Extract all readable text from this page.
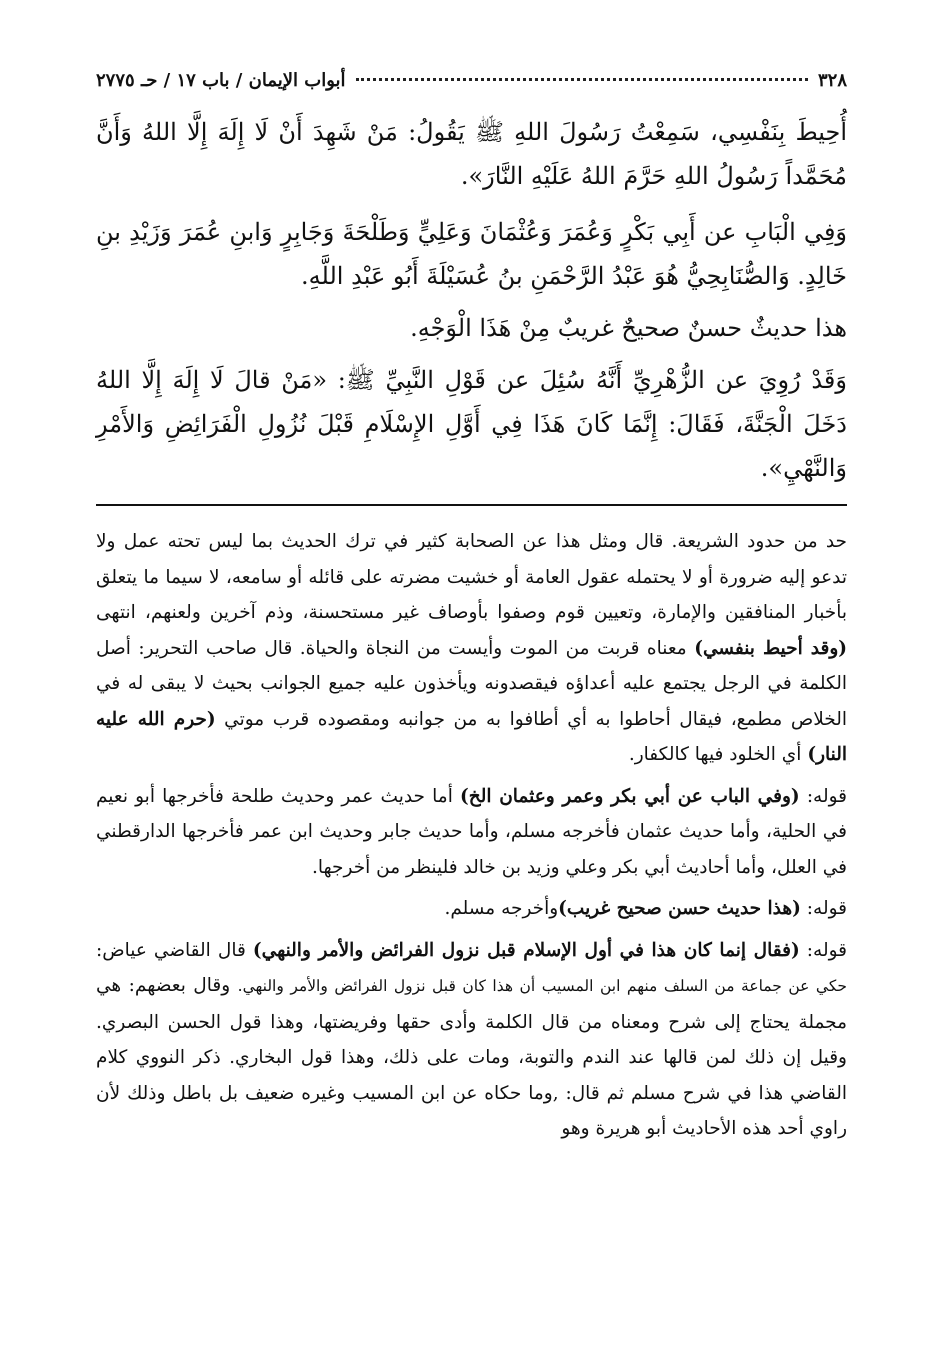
٣٢٨
أبواب الإيمان / باب ١٧ / حـ ٢٧٧٥

أُحِيطَ بِنَفْسِي، سَمِعْتُ رَسُولَ اللهِ ﷺ يَقُولُ: مَنْ شَهِدَ أَنْ لَا إِلَهَ إِلَّا اللهُ وَأَنَّ مُحَمَّداً رَسُولُ اللهِ حَرَّمَ اللهُ عَلَيْهِ النَّارَ».

وَفِي الْبَابِ عن أَبِي بَكْرٍ وَعُمَرَ وَعُثْمَانَ وَعَلِيٍّ وَطَلْحَةَ وَجَابِرٍ وَابنِ عُمَرَ وَزَيْدِ بنِ خَالِدٍ. وَالصُّنَابِحِيُّ هُوَ عَبْدُ الرَّحْمَنِ بنُ عُسَيْلَةَ أَبُو عَبْدِ اللَّهِ.

هذا حديثٌ حسنٌ صحيحٌ غريبٌ مِنْ هَذَا الْوَجْهِ.

وَقَدْ رُوِيَ عن الزُّهْرِيِّ أَنَّهُ سُئِلَ عن قَوْلِ النَّبِيِّ ﷺ: «مَنْ قالَ لَا إِلَهَ إِلَّا اللهُ دَخَلَ الْجَنَّةَ، فَقَالَ: إِنَّمَا كَانَ هَذَا فِي أَوَّلِ الإِسْلَامِ قَبْلَ نُزُولِ الْفَرَائِضِ وَالأَمْرِ وَالنَّهْيِ».

حد من حدود الشريعة. قال ومثل هذا عن الصحابة كثير في ترك الحديث بما ليس تحته عمل ولا تدعو إليه ضرورة أو لا يحتمله عقول العامة أو خشيت مضرته على قائله أو سامعه، لا سيما ما يتعلق بأخبار المنافقين والإمارة، وتعيين قوم وصفوا بأوصاف غير مستحسنة، وذم آخرين ولعنهم، انتهى (وقد أحيط بنفسي) معناه قربت من الموت وأيست من النجاة والحياة. قال صاحب التحرير: أصل الكلمة في الرجل يجتمع عليه أعداؤه فيقصدونه ويأخذون عليه جميع الجوانب بحيث لا يبقى له في الخلاص مطمع، فيقال أحاطوا به أي أطافوا به من جوانبه ومقصوده قرب موتي (حرم الله عليه النار) أي الخلود فيها كالكفار.

قوله: (وفي الباب عن أبي بكر وعمر وعثمان الخ) أما حديث عمر وحديث طلحة فأخرجها أبو نعيم في الحلية، وأما حديث عثمان فأخرجه مسلم، وأما حديث جابر وحديث ابن عمر فأخرجها الدارقطني في العلل، وأما أحاديث أبي بكر وعلي وزيد بن خالد فلينظر من أخرجها.

قوله: (هذا حديث حسن صحيح غريب)وأخرجه مسلم.

قوله: (فقال إنما كان هذا في أول الإسلام قبل نزول الفرائض والأمر والنهي) قال القاضي عياض: حكي عن جماعة من السلف منهم ابن المسيب أن هذا كان قبل نزول الفرائض والأمر والنهي. وقال بعضهم: هي مجملة يحتاج إلى شرح ومعناه من قال الكلمة وأدى حقها وفريضتها، وهذا قول الحسن البصري. وقيل إن ذلك لمن قالها عند الندم والتوبة، ومات على ذلك، وهذا قول البخاري. ذكر النووي كلام القاضي هذا في شرح مسلم ثم قال: ,وما حكاه عن ابن المسيب وغيره ضعيف بل باطل وذلك لأن راوي أحد هذه الأحاديث أبو هريرة وهو
